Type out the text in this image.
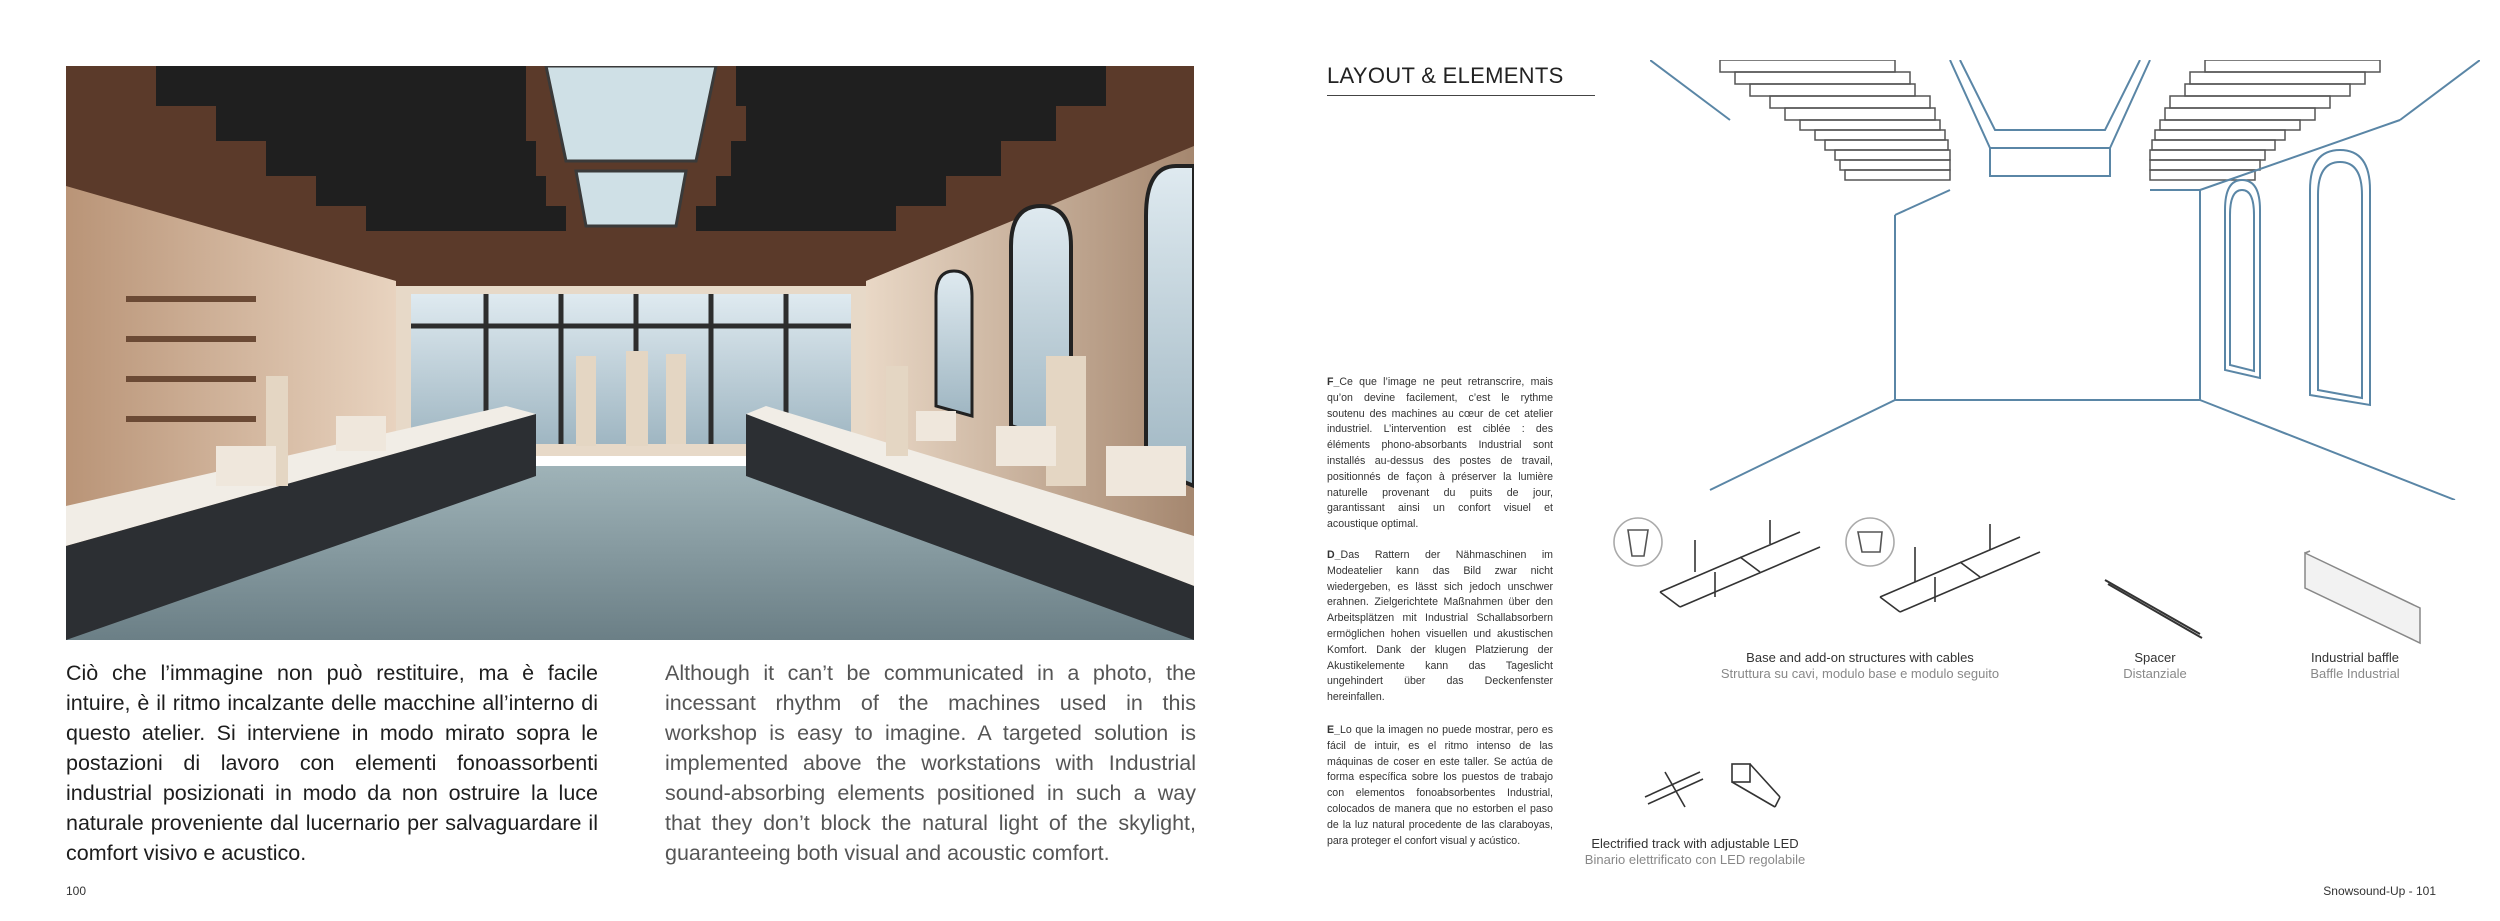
Ciò che l’immagine non può restituire, ma è facile intuire, è il ritmo incalzante delle macchine all’interno di questo atelier. Si interviene in modo mirato sopra le postazioni di lavoro con elementi fonoassorbenti industrial posizionati in modo da non ostruire la luce naturale proveniente dal lucernario per salvaguardare il comfort visivo e acustico.
Although it can’t be communicated in a photo, the incessant rhythm of the machines used in this workshop is easy to imagine. A targeted solution is implemented above the workstations with Industrial sound-absorbing elements positioned in such a way that they don’t block the natural light of the skylight, guaranteeing both visual and acoustic comfort.
100
LAYOUT & ELEMENTS
F_Ce que l’image ne peut retranscrire, mais qu’on devine facilement, c’est le rythme soutenu des machines au cœur de cet atelier industriel. L’intervention est ciblée : des éléments phono-absorbants Industrial sont installés au-dessus des postes de travail, positionnés de façon à préserver la lumière naturelle provenant du puits de jour, garantissant ainsi un confort visuel et acoustique optimal.
D_Das Rattern der Nähmaschinen im Modeatelier kann das Bild zwar nicht wiedergeben, es lässt sich jedoch unschwer erahnen. Zielgerichtete Maßnahmen über den Arbeitsplätzen mit Industrial Schallabsorbern ermöglichen hohen visuellen und akustischen Komfort. Dank der klugen Platzierung der Akustikelemente kann das Tageslicht ungehindert über das Deckenfenster hereinfallen.
E_Lo que la imagen no puede mostrar, pero es fácil de intuir, es el ritmo intenso de las máquinas de coser en este taller. Se actúa de forma específica sobre los puestos de trabajo con elementos fonoabsorbentes Industrial, colocados de manera que no estorben el paso de la luz natural procedente de las claraboyas, para proteger el confort visual y acústico.
Base and add-on structures with cables
Struttura su cavi, modulo base e modulo seguito
Spacer
Distanziale
Industrial baffle
Baffle Industrial
Electrified track with adjustable LED
Binario elettrificato con LED regolabile
Snowsound-Up - 101
